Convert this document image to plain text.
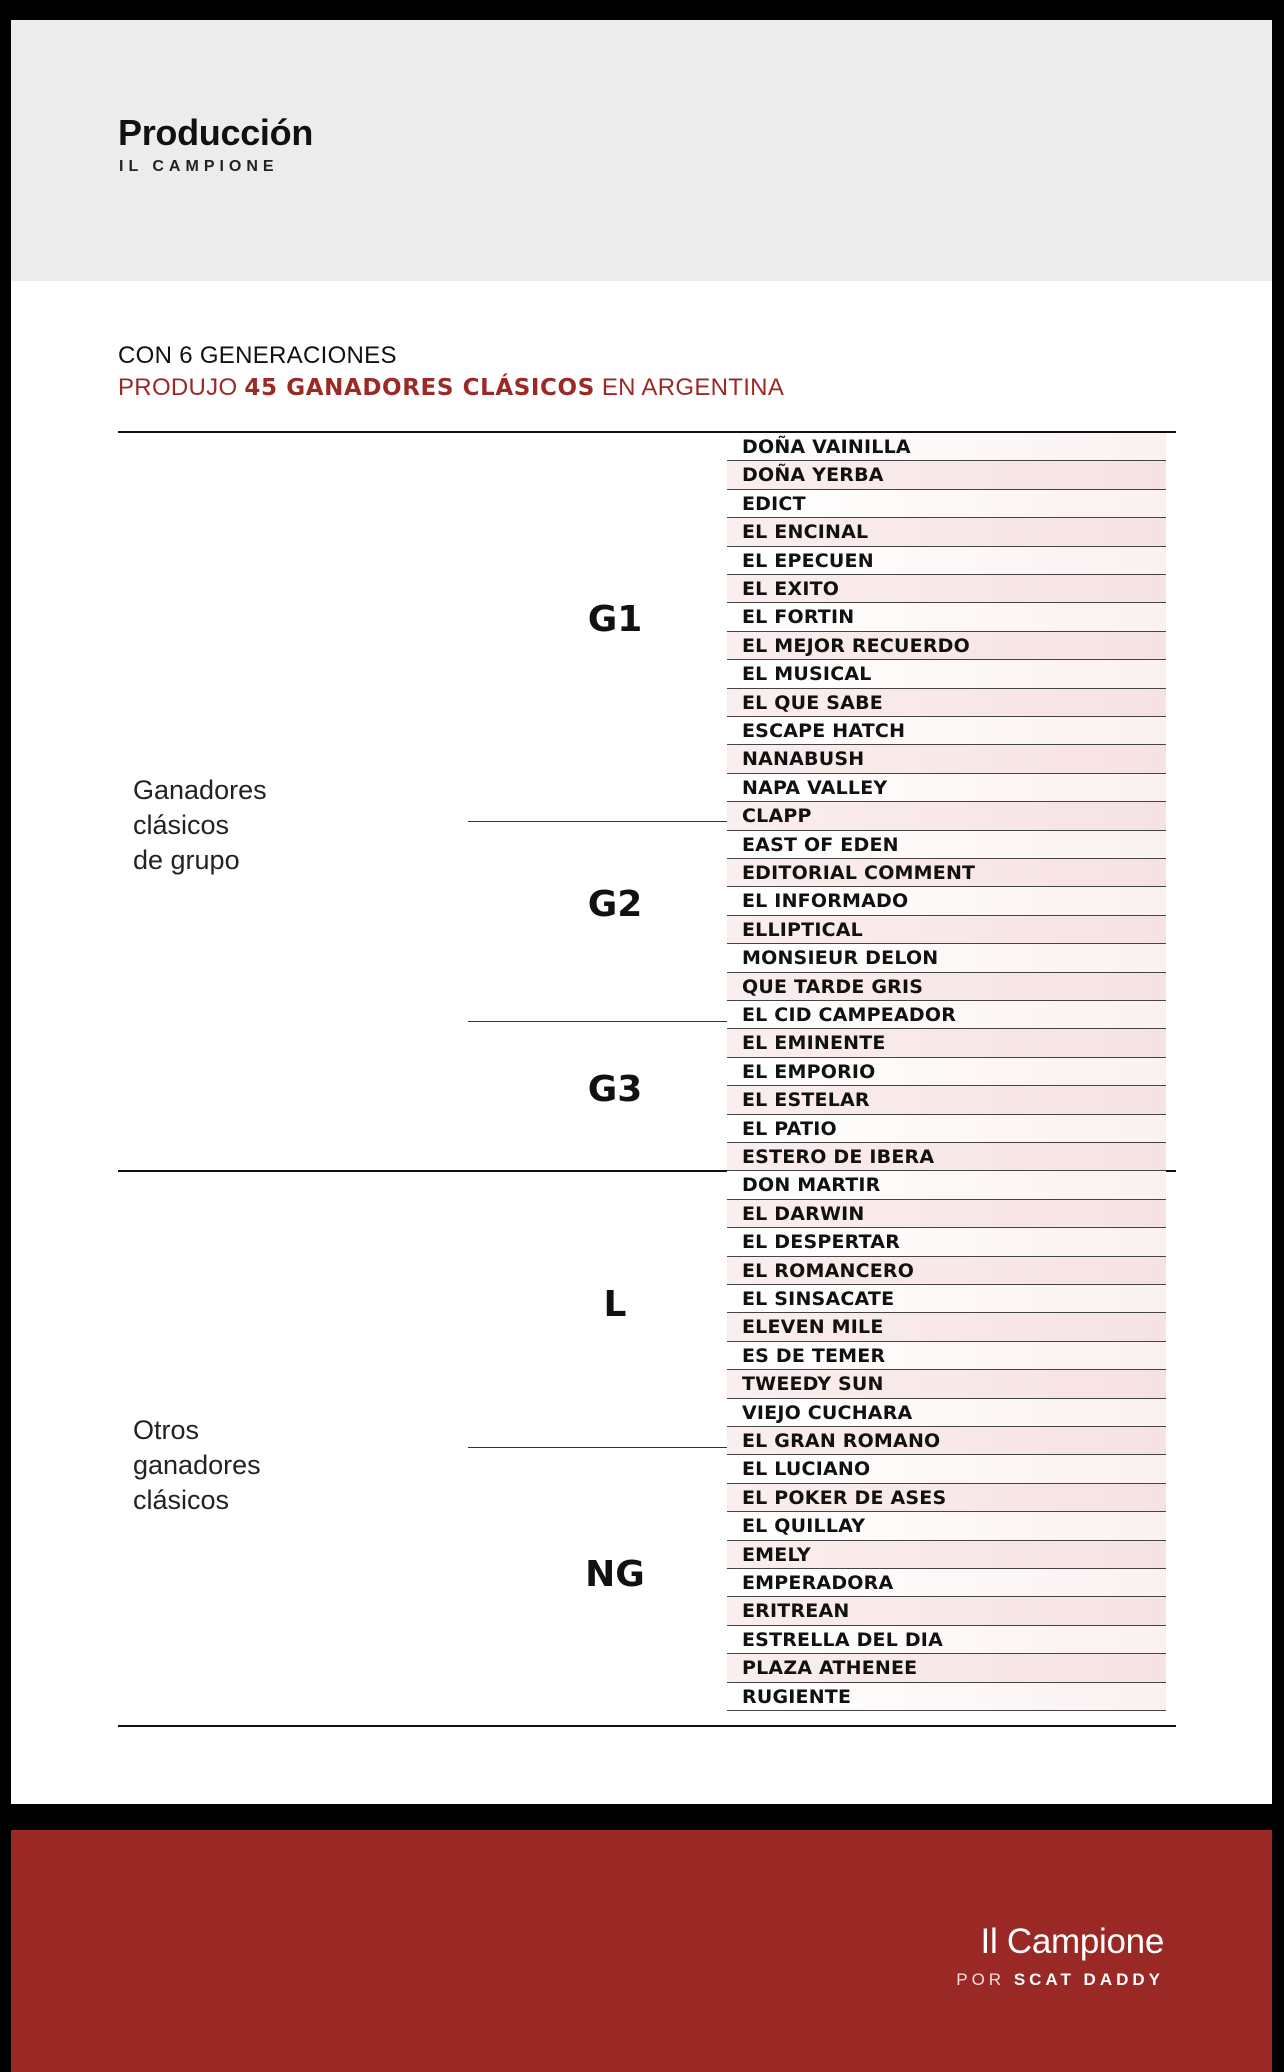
Producción
IL CAMPIONE
CON 6 GENERACIONES
PRODUJO 45 GANADORES CLÁSICOS EN ARGENTINA
Ganadores
clásicos
de grupo
Otros
ganadores
clásicos
G1
G2
G3
L
NG
DOÑA VAINILLA
DOÑA YERBA
EDICT
EL ENCINAL
EL EPECUEN
EL EXITO
EL FORTIN
EL MEJOR RECUERDO
EL MUSICAL
EL QUE SABE
ESCAPE HATCH
NANABUSH
NAPA VALLEY
CLAPP
EAST OF EDEN
EDITORIAL COMMENT
EL INFORMADO
ELLIPTICAL
MONSIEUR DELON
QUE TARDE GRIS
EL CID CAMPEADOR
EL EMINENTE
EL EMPORIO
EL ESTELAR
EL PATIO
ESTERO DE IBERA
DON MARTIR
EL DARWIN
EL DESPERTAR
EL ROMANCERO
EL SINSACATE
ELEVEN MILE
ES DE TEMER
TWEEDY SUN
VIEJO CUCHARA
EL GRAN ROMANO
EL LUCIANO
EL POKER DE ASES
EL QUILLAY
EMELY
EMPERADORA
ERITREAN
ESTRELLA DEL DIA
PLAZA ATHENEE
RUGIENTE
Il Campione
POR SCAT DADDY
